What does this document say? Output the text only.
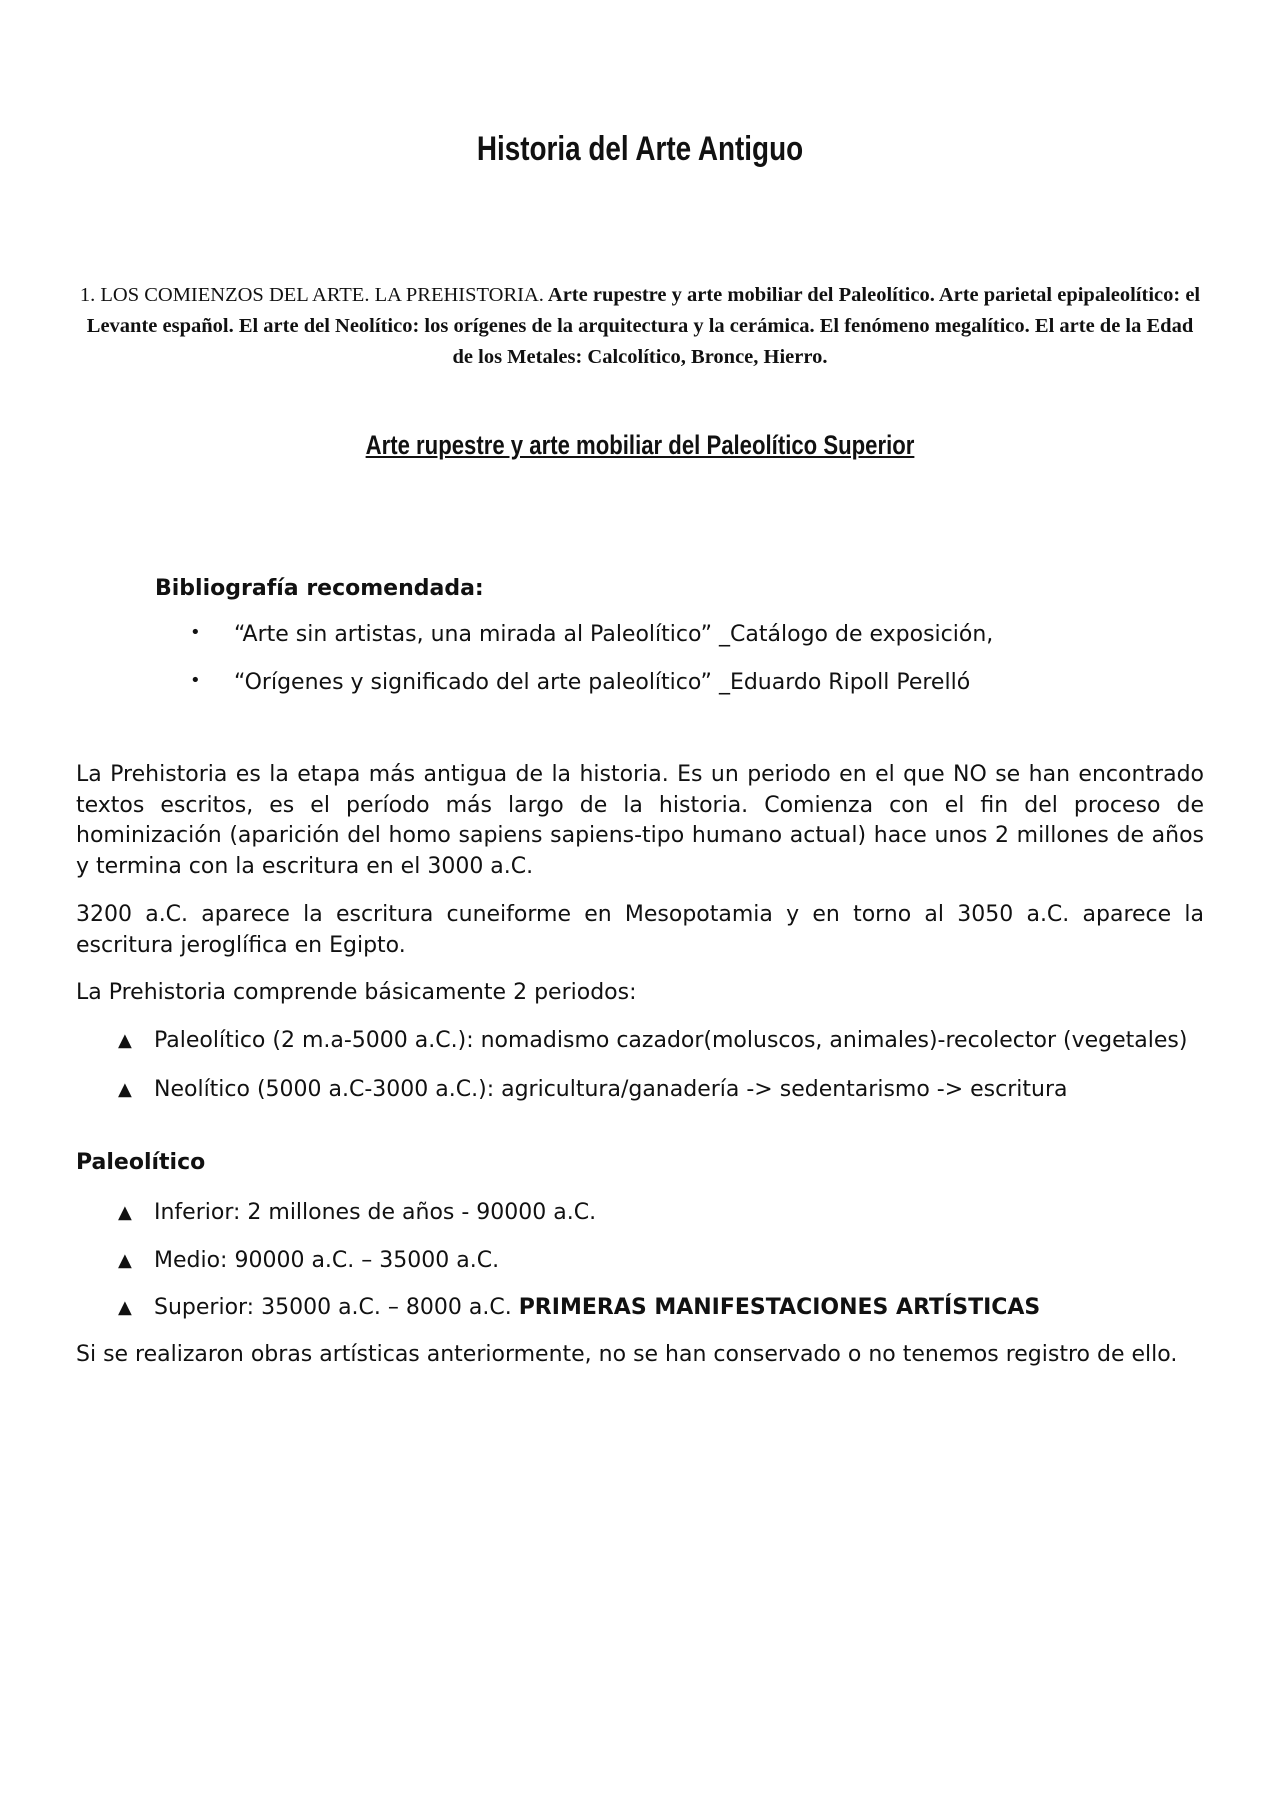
Historia del Arte Antiguo

1. LOS COMIENZOS DEL ARTE. LA PREHISTORIA. Arte rupestre y arte mobiliar del Paleolítico. Arte parietal epipaleolítico: el Levante español. El arte del Neolítico: los orígenes de la arquitectura y la cerámica. El fenómeno megalítico. El arte de la Edad de los Metales: Calcolítico, Bronce, Hierro.

Arte rupestre y arte mobiliar del Paleolítico Superior

Bibliografía recomendada:

• “Arte sin artistas, una mirada al Paleolítico” _Catálogo de exposición,
• “Orígenes y significado del arte paleolítico” _Eduardo Ripoll Perelló

La Prehistoria es la etapa más antigua de la historia. Es un periodo en el que NO se han encontrado textos escritos, es el período más largo de la historia. Comienza con el fin del proceso de hominización (aparición del homo sapiens sapiens-tipo humano actual) hace unos 2 millones de años y termina con la escritura en el 3000 a.C.

3200 a.C. aparece la escritura cuneiforme en Mesopotamia y en torno al 3050 a.C. aparece la escritura jeroglífica en Egipto.

La Prehistoria comprende básicamente 2 periodos:

▲ Paleolítico (2 m.a-5000 a.C.): nomadismo cazador(moluscos, animales)-recolector (vegetales)
▲ Neolítico (5000 a.C-3000 a.C.): agricultura/ganadería -> sedentarismo -> escritura

Paleolítico

▲ Inferior: 2 millones de años - 90000 a.C.
▲ Medio: 90000 a.C. – 35000 a.C.
▲ Superior: 35000 a.C. – 8000 a.C. PRIMERAS MANIFESTACIONES ARTÍSTICAS

Si se realizaron obras artísticas anteriormente, no se han conservado o no tenemos registro de ello.
